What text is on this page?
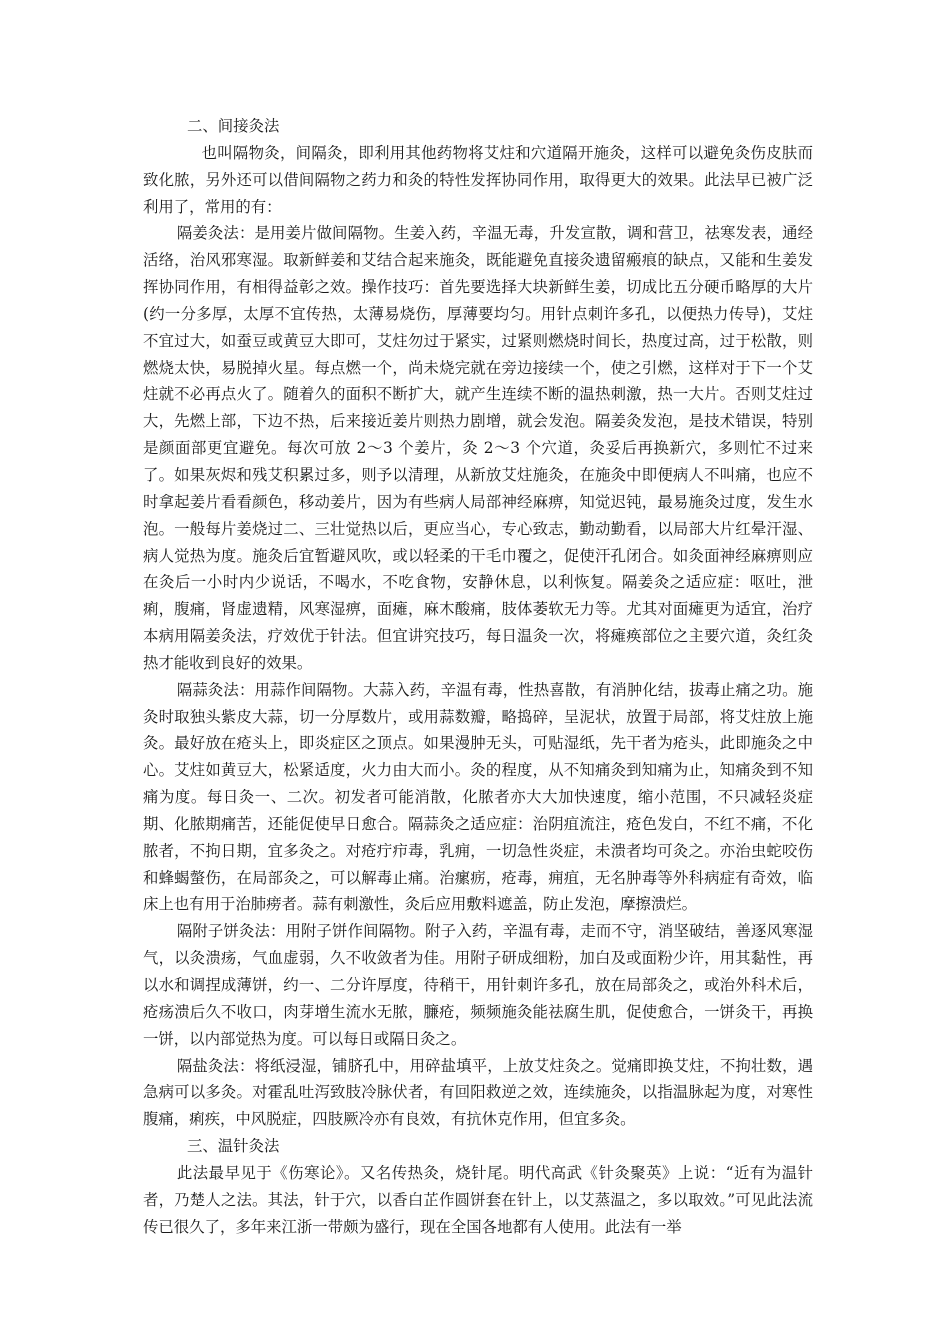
二、间接灸法

也叫隔物灸，间隔灸，即利用其他药物将艾炷和穴道隔开施灸，这样可以避免灸伤皮肤而致化脓，另外还可以借间隔物之药力和灸的特性发挥协同作用，取得更大的效果。此法早已被广泛利用了，常用的有：

隔姜灸法：是用姜片做间隔物。生姜入药，辛温无毒，升发宣散，调和营卫，祛寒发表，通经活络，治风邪寒湿。取新鲜姜和艾结合起来施灸，既能避免直接灸遗留瘢痕的缺点，又能和生姜发挥协同作用，有相得益彰之效。操作技巧：首先要选择大块新鲜生姜，切成比五分硬币略厚的大片(约一分多厚，太厚不宜传热，太薄易烧伤，厚薄要均匀。用针点刺许多孔，以便热力传导)，艾炷不宜过大，如蚕豆或黄豆大即可，艾炷勿过于紧实，过紧则燃烧时间长，热度过高，过于松散，则燃烧太快，易脱掉火星。每点燃一个，尚未烧完就在旁边接续一个，使之引燃，这样对于下一个艾炷就不必再点火了。随着久的面积不断扩大，就产生连续不断的温热刺激，热一大片。否则艾炷过大，先燃上部，下边不热，后来接近姜片则热力剧增，就会发泡。隔姜灸发泡，是技术错误，特别是颜面部更宜避免。每次可放 2～3 个姜片，灸 2～3 个穴道，灸妥后再换新穴，多则忙不过来了。如果灰烬和残艾积累过多，则予以清理，从新放艾炷施灸，在施灸中即便病人不叫痛，也应不时拿起姜片看看颜色，移动姜片，因为有些病人局部神经麻痹，知觉迟钝，最易施灸过度，发生水泡。一般每片姜烧过二、三壮觉热以后，更应当心，专心致志，勤动勤看，以局部大片红晕汗湿、病人觉热为度。施灸后宜暂避风吹，或以轻柔的干毛巾覆之，促使汗孔闭合。如灸面神经麻痹则应在灸后一小时内少说话，不喝水，不吃食物，安静休息，以利恢复。隔姜灸之适应症：呕吐，泄痢，腹痛，肾虚遗精，风寒湿痹，面瘫，麻木酸痛，肢体萎软无力等。尤其对面瘫更为适宜，治疗本病用隔姜灸法，疗效优于针法。但宜讲究技巧，每日温灸一次，将瘫痪部位之主要穴道，灸红灸热才能收到良好的效果。

隔蒜灸法：用蒜作间隔物。大蒜入药，辛温有毒，性热喜散，有消肿化结，拔毒止痛之功。施灸时取独头紫皮大蒜，切一分厚数片，或用蒜数瓣，略捣碎，呈泥状，放置于局部，将艾炷放上施灸。最好放在疮头上，即炎症区之顶点。如果漫肿无头，可贴湿纸，先干者为疮头，此即施灸之中心。艾炷如黄豆大，松紧适度，火力由大而小。灸的程度，从不知痛灸到知痛为止，知痛灸到不知痛为度。每日灸一、二次。初发者可能消散，化脓者亦大大加快速度，缩小范围，不只减轻炎症期、化脓期痛苦，还能促使早日愈合。隔蒜灸之适应症：治阴疽流注，疮色发白，不红不痛，不化脓者，不拘日期，宜多灸之。对疮疔疖毒，乳痈，一切急性炎症，未溃者均可灸之。亦治虫蛇咬伤和蜂蝎螫伤，在局部灸之，可以解毒止痛。治瘰疬，疮毒，痈疽，无名肿毒等外科病症有奇效，临床上也有用于治肺痨者。蒜有刺激性，灸后应用敷料遮盖，防止发泡，摩擦溃烂。

隔附子饼灸法：用附子饼作间隔物。附子入药，辛温有毒，走而不守，消坚破结，善逐风寒湿气，以灸溃疡，气血虚弱，久不收敛者为佳。用附子研成细粉，加白及或面粉少许，用其黏性，再以水和调捏成薄饼，约一、二分许厚度，待稍干，用针刺许多孔，放在局部灸之，或治外科术后，疮疡溃后久不收口，肉芽增生流水无脓，臁疮，频频施灸能祛腐生肌，促使愈合，一饼灸干，再换一饼，以内部觉热为度。可以每日或隔日灸之。

隔盐灸法：将纸浸湿，铺脐孔中，用碎盐填平，上放艾炷灸之。觉痛即换艾炷，不拘壮数，遇急病可以多灸。对霍乱吐泻致肢冷脉伏者，有回阳救逆之效，连续施灸，以指温脉起为度，对寒性腹痛，痢疾，中风脱症，四肢厥冷亦有良效，有抗休克作用，但宜多灸。

三、温针灸法

此法最早见于《伤寒论》。又名传热灸，烧针尾。明代高武《针灸聚英》上说：“近有为温针者，乃楚人之法。其法，针于穴，以香白芷作圆饼套在针上，以艾蒸温之，多以取效。”可见此法流传已很久了，多年来江浙一带颇为盛行，现在全国各地都有人使用。此法有一举
